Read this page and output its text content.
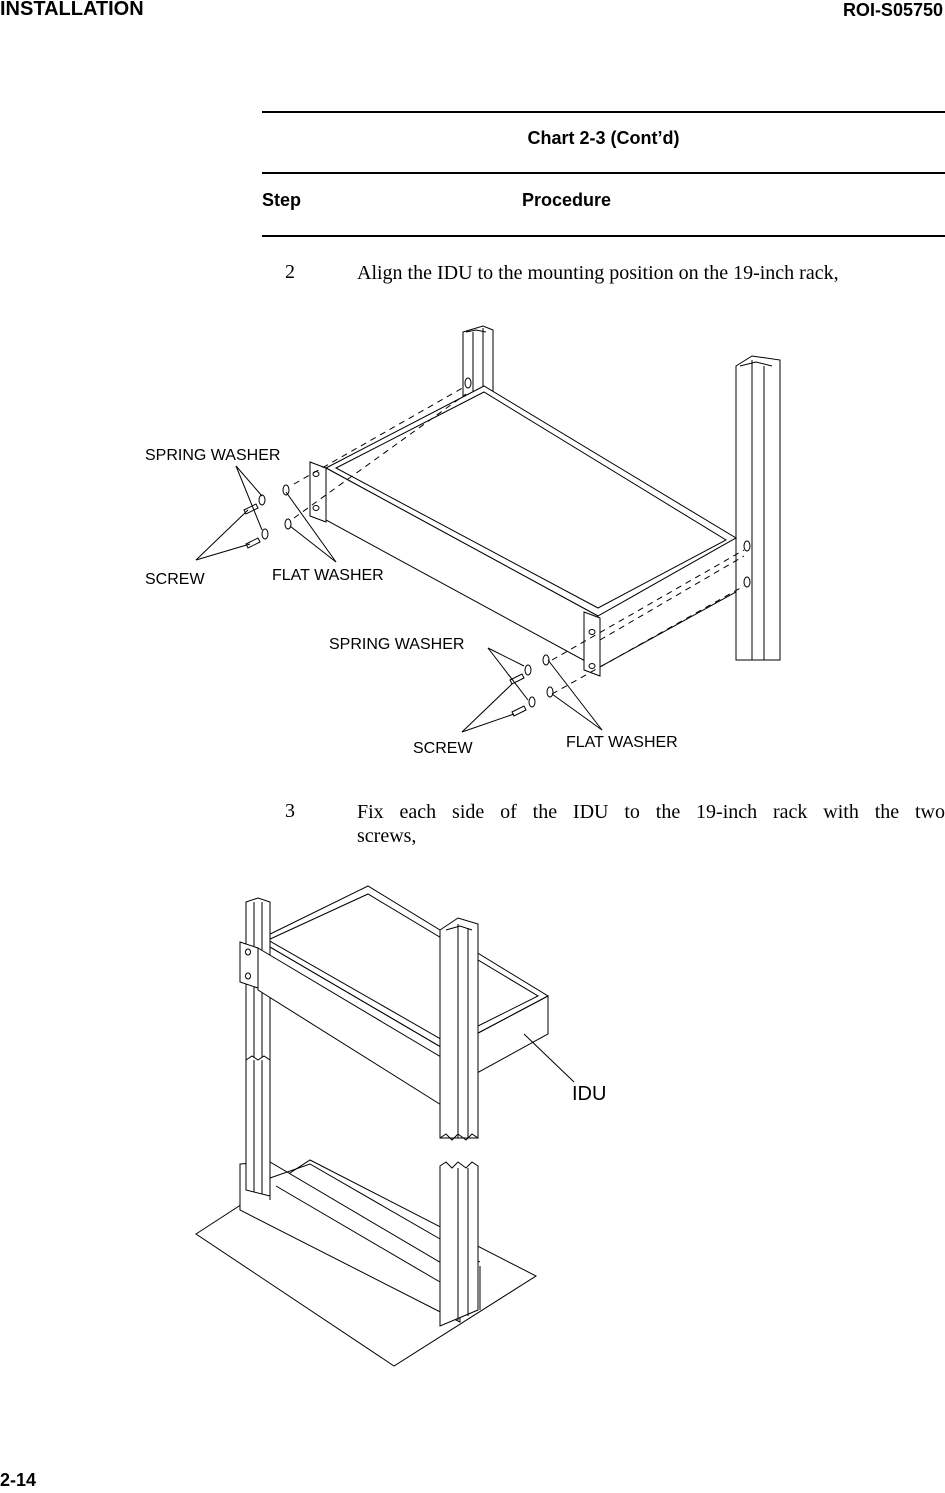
INSTALLATION	ROI-S05750
Chart 2-3 (Cont’d)
Step	Procedure
2	Align the IDU to the mounting position on the 19-inch rack,
SPRING WASHER
SCREW	FLAT WASHER
SPRING WASHER
SCREW	FLAT WASHER
3	Fix each side of the IDU to the 19-inch rack with the two
screws,
IDU
2-14
